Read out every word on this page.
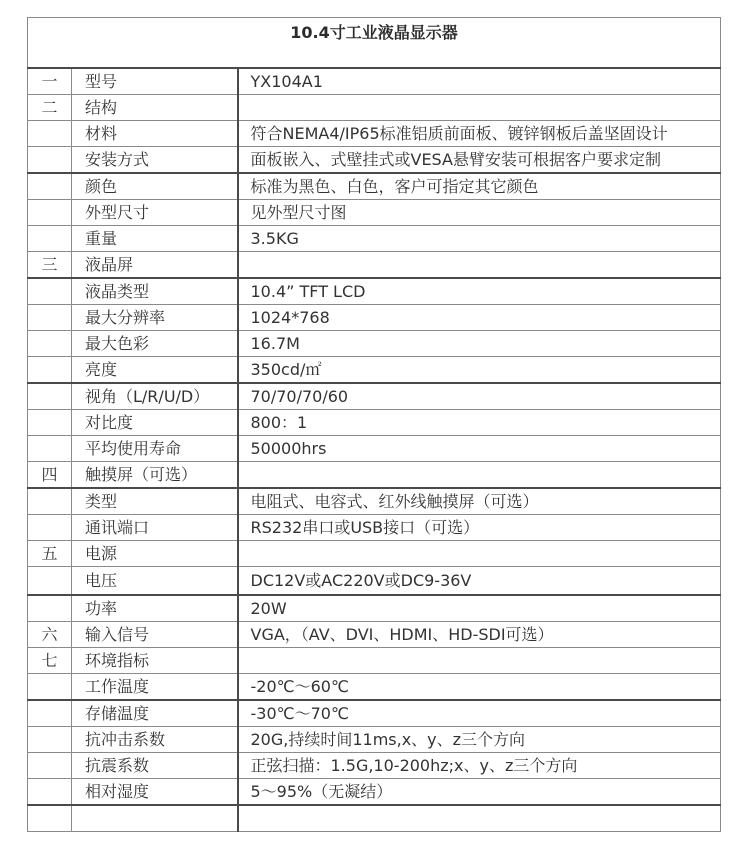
10.4寸工业液晶显示器		

一	型号	YX104A1
二	结构	
	材料	符合NEMA4/IP65标准铝质前面板、镀锌钢板后盖坚固设计
	安装方式	面板嵌入、式壁挂式或VESA悬臂安装可根据客户要求定制
	颜色	标准为黑色、白色，客户可指定其它颜色
	外型尺寸	见外型尺寸图
	重量	3.5KG
三	液晶屏	
	液晶类型	10.4” TFT LCD
	最大分辨率	1024*768
	最大色彩	16.7M
	亮度	350cd/㎡
	视角（L/R/U/D）	70/70/70/60
	对比度	800：1
	平均使用寿命	50000hrs
四	触摸屏（可选）	
	类型	电阻式、电容式、红外线触摸屏（可选）
	通讯端口	RS232串口或USB接口（可选）
五	电源	
	电压	DC12V或AC220V或DC9-36V
	功率	20W
六	输入信号	VGA，（AV、DVI、HDMI、HD-SDI可选）
七	环境指标	
	工作温度	-20℃～60℃
	存储温度	-30℃～70℃
	抗冲击系数	20G,持续时间11ms,x、y、z三个方向
	抗震系数	正弦扫描：1.5G,10-200hz;x、y、z三个方向
	相对湿度	5～95%（无凝结）
